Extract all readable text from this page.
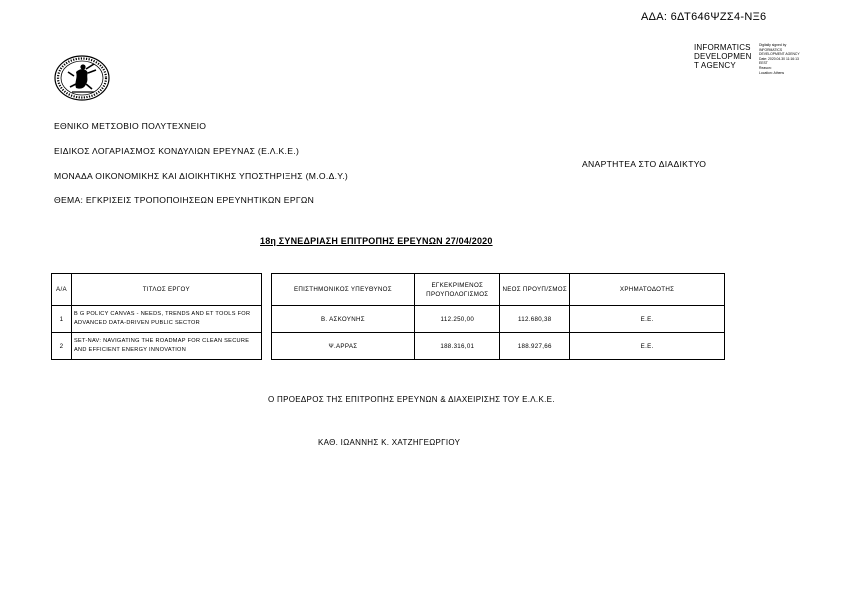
ΑΔΑ: 6ΔΤ646ΨΖΣ4-ΝΞ6
INFORMATICS
DEVELOPMEN
T AGENCY
Digitally signed by
INFORMATICS
DEVELOPMENT AGENCY
Date: 2020.04.30 11:16:13
EEST
Reason:
Location: Athens
ΕΘΝΙΚΟ ΜΕΤΣΟΒΙΟ ΠΟΛΥΤΕΧΝΕΙΟ
ΕΙΔΙΚΟΣ ΛΟΓΑΡΙΑΣΜΟΣ ΚΟΝΔΥΛΙΩΝ ΕΡΕΥΝΑΣ (Ε.Λ.Κ.Ε.)
ΑΝΑΡΤΗΤΕΑ ΣΤΟ ΔΙΑΔΙΚΤΥΟ
ΜΟΝΑΔΑ ΟΙΚΟΝΟΜΙΚΗΣ ΚΑΙ ΔΙΟΙΚΗΤΙΚΗΣ ΥΠΟΣΤΗΡΙΞΗΣ (Μ.Ο.Δ.Υ.)
ΘΕΜΑ: ΕΓΚΡΙΣΕΙΣ ΤΡΟΠΟΠΟΙΗΣΕΩΝ ΕΡΕΥΝΗΤΙΚΩΝ ΕΡΓΩΝ
18η ΣΥΝΕΔΡΙΑΣΗ ΕΠΙΤΡΟΠΗΣ ΕΡΕΥΝΩΝ 27/04/2020
Α/Α	ΤΙΤΛΟΣ ΕΡΓΟΥ		ΕΠΙΣΤΗΜΟΝΙΚΟΣ ΥΠΕΥΘΥΝΟΣ	ΕΓΚΕΚΡΙΜΕΝΟΣ ΠΡΟΥΠΟΛΟΓΙΣΜΟΣ	ΝΕΟΣ ΠΡΟΥΠ/ΣΜΟΣ	ΧΡΗΜΑΤΟΔΟΤΗΣ
1	B G POLICY CANVAS - NEEDS, TRENDS AND ET TOOLS FOR ADVANCED DATA-DRIVEN PUBLIC SECTOR		Β. ΑΣΚΟΥΝΗΣ	112.250,00	112.680,38	Ε.Ε.
2	SET-NAV: NAVIGATING THE ROADMAP FOR CLEAN SECURE AND EFFICIENT ENERGY INNOVATION		Ψ.ΑΡΡΑΣ	188.316,01	188.927,66	Ε.Ε.
Ο ΠΡΟΕΔΡΟΣ ΤΗΣ ΕΠΙΤΡΟΠΗΣ ΕΡΕΥΝΩΝ & ΔΙΑΧΕΙΡΙΣΗΣ ΤΟΥ Ε.Λ.Κ.Ε.
ΚΑΘ. ΙΩΑΝΝΗΣ Κ. ΧΑΤΖΗΓΕΩΡΓΙΟΥ
